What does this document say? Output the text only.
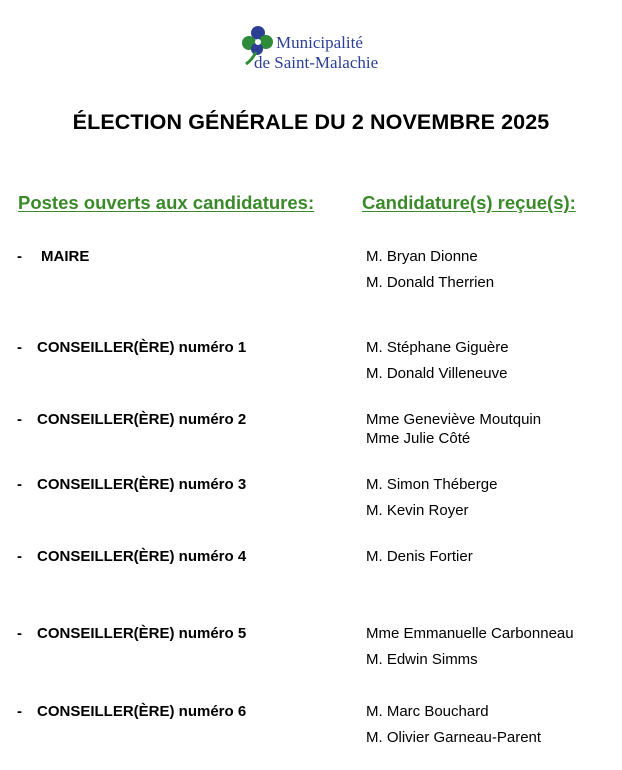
Municipalité
de Saint-Malachie
ÉLECTION GÉNÉRALE DU 2 NOVEMBRE 2025
Postes ouverts aux candidatures:	Candidature(s) reçue(s):
- MAIRE	M. Bryan Dionne
M. Donald Therrien
- CONSEILLER(ÈRE) numéro 1	M. Stéphane Giguère
M. Donald Villeneuve
- CONSEILLER(ÈRE) numéro 2	Mme Geneviève Moutquin
Mme Julie Côté
- CONSEILLER(ÈRE) numéro 3	M. Simon Théberge
M. Kevin Royer
- CONSEILLER(ÈRE) numéro 4	M. Denis Fortier
- CONSEILLER(ÈRE) numéro 5	Mme Emmanuelle Carbonneau
M. Edwin Simms
- CONSEILLER(ÈRE) numéro 6	M. Marc Bouchard
M. Olivier Garneau-Parent
